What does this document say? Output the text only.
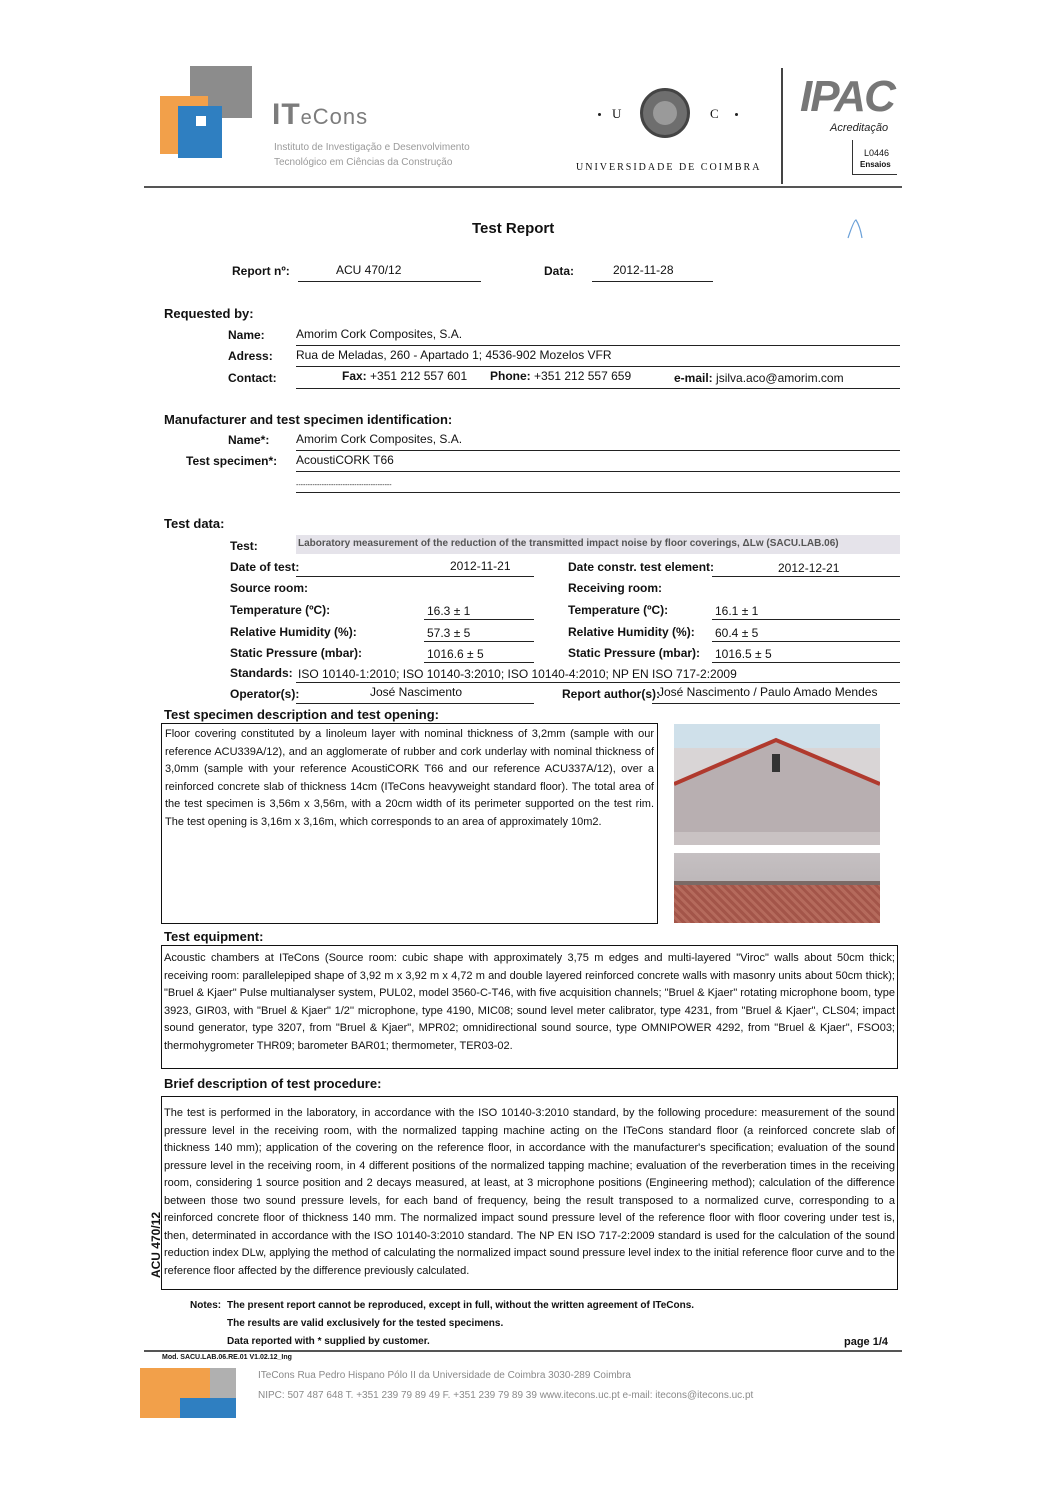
ITeCons
Instituto de Investigação e Desenvolvimento
Tecnológico em Ciências da Construção
U	C
UNIVERSIDADE DE COIMBRA
IPAC
Acreditação
L0446
Ensaios
Test Report
Report nº:	ACU 470/12	Data:	2012-11-28
Requested by:
Name:	Amorim Cork Composites, S.A.
Adress: Rua de Meladas, 260 - Apartado 1; 4536-902 Mozelos VFR
Contact:	Fax: +351 212 557 601 Phone: +351 212 557 659	e-mail: jsilva.aco@amorim.com
Manufacturer and test specimen identification:
Name*: Amorim Cork Composites, S.A.
Test specimen*: AcoustiCORK T66
-----------------------------------------
Test data:
Test:	Laboratory measurement of the reduction of the transmitted impact noise by floor coverings, ΔLw (SACU.LAB.06)
Date of test:	2012-11-21	Date constr. test element:	2012-12-21
Source room:	Receiving room:
Temperature (ºC):	16.3 ± 1	Temperature (ºC):	16.1 ± 1
Relative Humidity (%):	57.3 ± 5	Relative Humidity (%): 60.4 ± 5
Static Pressure (mbar):	1016.6 ± 5	Static Pressure (mbar): 1016.5 ± 5
Standards: ISO 10140-1:2010; ISO 10140-3:2010; ISO 10140-4:2010; NP EN ISO 717-2:2009
Operator(s):	José Nascimento	Report author(s):
José Nascimento / Paulo Amado Mendes
Test specimen description and test opening:
Floor covering constituted by a linoleum layer with nominal thickness of 3,2mm (sample with our reference ACU339A/12), and an agglomerate of rubber and cork underlay with nominal thickness of 3,0mm (sample with your reference AcoustiCORK T66 and our reference ACU337A/12), over a reinforced concrete slab of thickness 14cm (ITeCons heavyweight standard floor). The total area of the test specimen is 3,56m x 3,56m, with a 20cm width of its perimeter supported on the test rim. The test opening is 3,16m x 3,16m, which corresponds to an area of approximately 10m2.
Test equipment:
Acoustic chambers at ITeCons (Source room: cubic shape with approximately 3,75 m edges and multi-layered "Viroc" walls about 50cm thick; receiving room: parallelepiped shape of 3,92 m x 3,92 m x 4,72 m and double layered reinforced concrete walls with masonry units about 50cm thick); "Bruel & Kjaer" Pulse multianalyser system, PUL02, model 3560-C-T46, with five acquisition channels; "Bruel & Kjaer" rotating microphone boom, type 3923, GIR03, with "Bruel & Kjaer" 1/2'' microphone, type 4190, MIC08; sound level meter calibrator, type 4231, from "Bruel & Kjaer", CLS04; impact sound generator, type 3207, from "Bruel & Kjaer", MPR02; omnidirectional sound source, type OMNIPOWER 4292, from "Bruel & Kjaer", FSO03; thermohygrometer THR09; barometer BAR01; thermometer, TER03-02.
Brief description of test procedure:
The test is performed in the laboratory, in accordance with the ISO 10140-3:2010 standard, by the following procedure: measurement of the sound pressure level in the receiving room, with the normalized tapping machine acting on the ITeCons standard floor (a reinforced concrete slab of thickness 140 mm); application of the covering on the reference floor, in accordance with the manufacturer's specification; evaluation of the sound pressure level in the receiving room, in 4 different positions of the normalized tapping machine; evaluation of the reverberation times in the receiving room, considering 1 source position and 2 decays measured, at least, at 3 microphone positions (Engineering method); calculation of the difference between those two sound pressure levels, for each band of frequency, being the result transposed to a normalized curve, corresponding to a reinforced concrete floor of thickness 140 mm. The normalized impact sound pressure level of the reference floor with floor covering under test is, then, determinated in accordance with the ISO 10140-3:2010 standard. The NP EN ISO 717-2:2009 standard is used for the calculation of the sound reduction index DLw, applying the method of calculating the normalized impact sound pressure level index to the initial reference floor curve and to the reference floor affected by the difference previously calculated.
ACU 470/12
Notes: The present report cannot be reproduced, except in full, without the written agreement of ITeCons.
The results are valid exclusively for the tested specimens.
Data reported with * supplied by customer.	page 1/4
Mod. SACU.LAB.06.RE.01 V1.02.12_Ing
ITeCons Rua Pedro Hispano Pólo II da Universidade de Coimbra 3030-289 Coimbra
NIPC: 507 487 648 T. +351 239 79 89 49 F. +351 239 79 89 39 www.itecons.uc.pt e-mail: itecons@itecons.uc.pt
